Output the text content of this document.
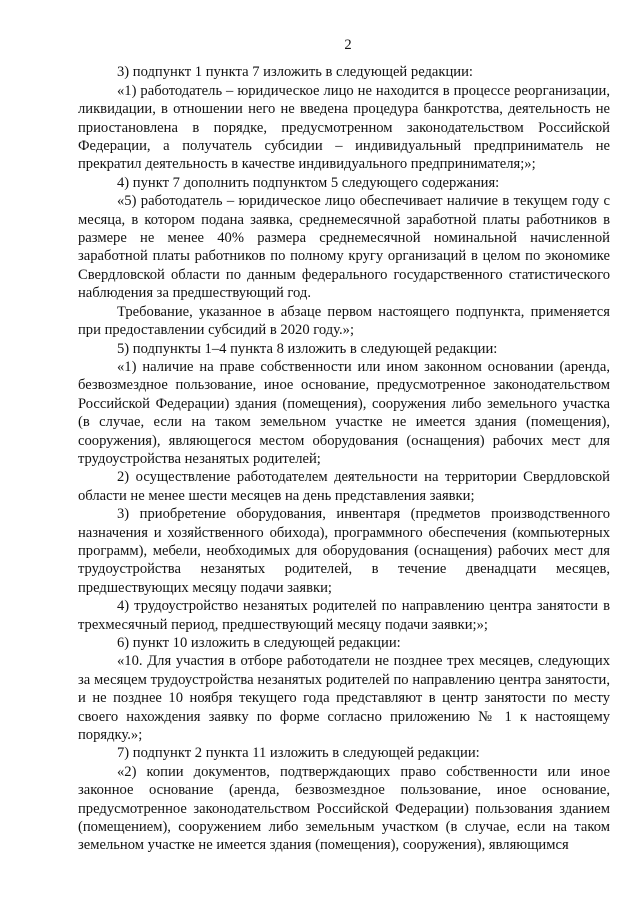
2

3) подпункт 1 пункта 7 изложить в следующей редакции:

«1) работодатель – юридическое лицо не находится в процессе реорганизации, ликвидации, в отношении него не введена процедура банкротства, деятельность не приостановлена в порядке, предусмотренном законодательством Российской Федерации, а получатель субсидии – индивидуальный предприниматель не прекратил деятельность в качестве индивидуального предпринимателя;»;

4) пункт 7 дополнить подпунктом 5 следующего содержания:

«5) работодатель – юридическое лицо обеспечивает наличие в текущем году с месяца, в котором подана заявка, среднемесячной заработной платы работников в размере не менее 40% размера среднемесячной номинальной начисленной заработной платы работников по полному кругу организаций в целом по экономике Свердловской области по данным федерального государственного статистического наблюдения за предшествующий год.

Требование, указанное в абзаце первом настоящего подпункта, применяется при предоставлении субсидий в 2020 году.»;

5) подпункты 1–4 пункта 8 изложить в следующей редакции:

«1) наличие на праве собственности или ином законном основании (аренда, безвозмездное пользование, иное основание, предусмотренное законодательством Российской Федерации) здания (помещения), сооружения либо земельного участка (в случае, если на таком земельном участке не имеется здания (помещения), сооружения), являющегося местом оборудования (оснащения) рабочих мест для трудоустройства незанятых родителей;

2) осуществление работодателем деятельности на территории Свердловской области не менее шести месяцев на день представления заявки;

3) приобретение оборудования, инвентаря (предметов производственного назначения и хозяйственного обихода), программного обеспечения (компьютерных программ), мебели, необходимых для оборудования (оснащения) рабочих мест для трудоустройства незанятых родителей, в течение двенадцати месяцев, предшествующих месяцу подачи заявки;

4) трудоустройство незанятых родителей по направлению центра занятости в трехмесячный период, предшествующий месяцу подачи заявки;»;

6) пункт 10 изложить в следующей редакции:

«10. Для участия в отборе работодатели не позднее трех месяцев, следующих за месяцем трудоустройства незанятых родителей по направлению центра занятости, и не позднее 10 ноября текущего года представляют в центр занятости по месту своего нахождения заявку по форме согласно приложению № 1 к настоящему порядку.»;

7) подпункт 2 пункта 11 изложить в следующей редакции:

«2) копии документов, подтверждающих право собственности или иное законное основание (аренда, безвозмездное пользование, иное основание, предусмотренное законодательством Российской Федерации) пользования зданием (помещением), сооружением либо земельным участком (в случае, если на таком земельном участке не имеется здания (помещения), сооружения), являющимся
